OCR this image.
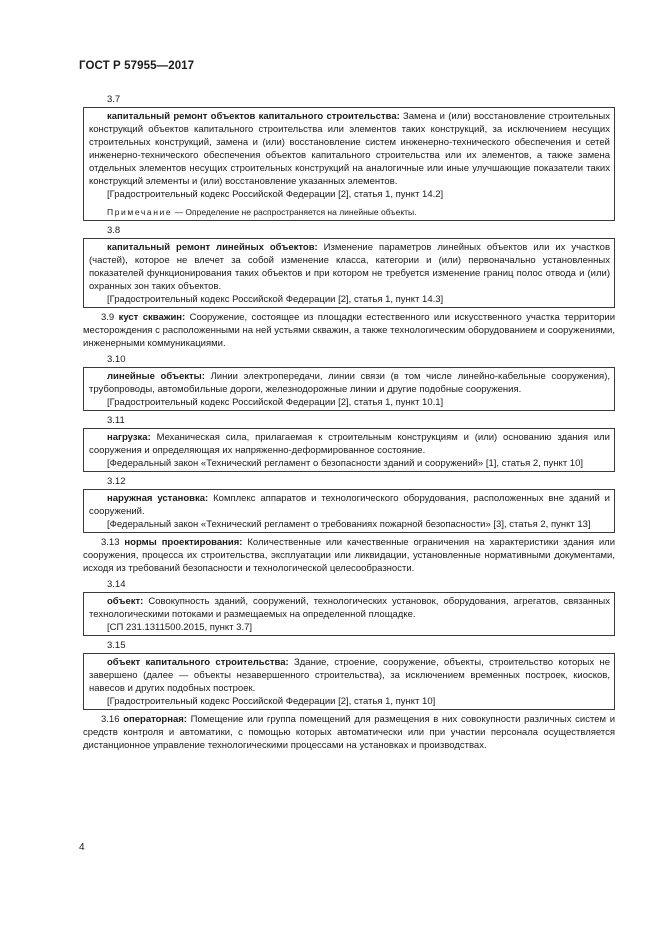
ГОСТ Р 57955—2017

3.7

капитальный ремонт объектов капитального строительства: Замена и (или) восстановление строительных конструкций объектов капитального строительства или элементов таких конструкций, за исключением несущих строительных конструкций, замена и (или) восстановление систем инженерно-технического обеспечения и сетей инженерно-технического обеспечения объектов капитального строительства или их элементов, а также замена отдельных элементов несущих строительных конструкций на аналогичные или иные улучшающие показатели таких конструкций элементы и (или) восстановление указанных элементов.

[Градостроительный кодекс Российской Федерации [2], статья 1, пункт 14.2]

Примечание — Определение не распространяется на линейные объекты.

3.8

капитальный ремонт линейных объектов: Изменение параметров линейных объектов или их участков (частей), которое не влечет за собой изменение класса, категории и (или) первоначально установленных показателей функционирования таких объектов и при котором не требуется изменение границ полос отвода и (или) охранных зон таких объектов.

[Градостроительный кодекс Российской Федерации [2], статья 1, пункт 14.3]

3.9 куст скважин: Сооружение, состоящее из площадки естественного или искусственного участка территории месторождения с расположенными на ней устьями скважин, а также технологическим оборудованием и сооружениями, инженерными коммуникациями.

3.10

линейные объекты: Линии электропередачи, линии связи (в том числе линейно-кабельные сооружения), трубопроводы, автомобильные дороги, железнодорожные линии и другие подобные сооружения.

[Градостроительный кодекс Российской Федерации [2], статья 1, пункт 10.1]

3.11

нагрузка: Механическая сила, прилагаемая к строительным конструкциям и (или) основанию здания или сооружения и определяющая их напряженно-деформированное состояние.

[Федеральный закон «Технический регламент о безопасности зданий и сооружений» [1], статья 2, пункт 10]

3.12

наружная установка: Комплекс аппаратов и технологического оборудования, расположенных вне зданий и сооружений.

[Федеральный закон «Технический регламент о требованиях пожарной безопасности» [3], статья 2, пункт 13]

3.13 нормы проектирования: Количественные или качественные ограничения на характеристики здания или сооружения, процесса их строительства, эксплуатации или ликвидации, установленные нормативными документами, исходя из требований безопасности и технологической целесообразности.

3.14

объект: Совокупность зданий, сооружений, технологических установок, оборудования, агрегатов, связанных технологическими потоками и размещаемых на определенной площадке.

[СП 231.1311500.2015, пункт 3.7]

3.15

объект капитального строительства: Здание, строение, сооружение, объекты, строительство которых не завершено (далее — объекты незавершенного строительства), за исключением временных построек, киосков, навесов и других подобных построек.

[Градостроительный кодекс Российской Федерации [2], статья 1, пункт 10]

3.16 операторная: Помещение или группа помещений для размещения в них совокупности различных систем и средств контроля и автоматики, с помощью которых автоматически или при участии персонала осуществляется дистанционное управление технологическими процессами на установках и производствах.

4
